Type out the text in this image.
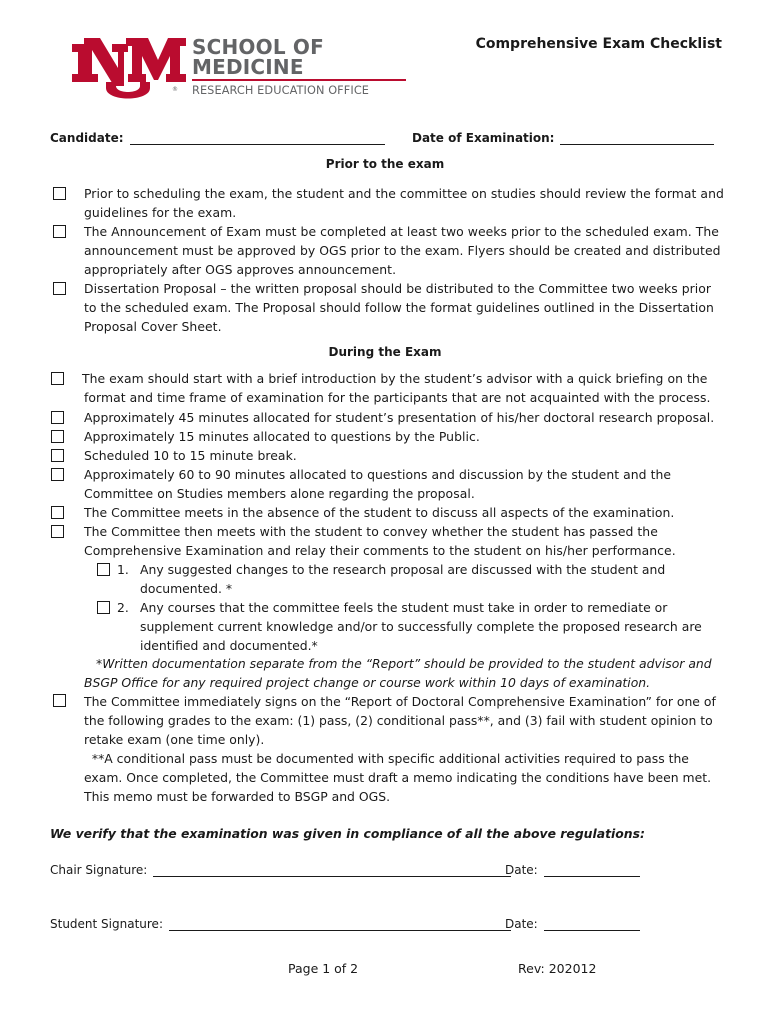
®
SCHOOL OF
MEDICINE
RESEARCH EDUCATION OFFICE
Comprehensive Exam Checklist
Candidate:	Date of Examination:
Prior to the exam
Prior to scheduling the exam, the student and the committee on studies should review the format and
guidelines for the exam.
The Announcement of Exam must be completed at least two weeks prior to the scheduled exam. The
announcement must be approved by OGS prior to the exam. Flyers should be created and distributed
appropriately after OGS approves announcement.
Dissertation Proposal – the written proposal should be distributed to the Committee two weeks prior
to the scheduled exam. The Proposal should follow the format guidelines outlined in the Dissertation
Proposal Cover Sheet.
During the Exam
The exam should start with a brief introduction by the student’s advisor with a quick briefing on the
format and time frame of examination for the participants that are not acquainted with the process.
Approximately 45 minutes allocated for student’s presentation of his/her doctoral research proposal.
Approximately 15 minutes allocated to questions by the Public.
Scheduled 10 to 15 minute break.
Approximately 60 to 90 minutes allocated to questions and discussion by the student and the
Committee on Studies members alone regarding the proposal.
The Committee meets in the absence of the student to discuss all aspects of the examination.
The Committee then meets with the student to convey whether the student has passed the
Comprehensive Examination and relay their comments to the student on his/her performance.
1. Any suggested changes to the research proposal are discussed with the student and
documented. *
2. Any courses that the committee feels the student must take in order to remediate or
supplement current knowledge and/or to successfully complete the proposed research are
identified and documented.*
*Written documentation separate from the “Report” should be provided to the student advisor and
BSGP Office for any required project change or course work within 10 days of examination.
The Committee immediately signs on the “Report of Doctoral Comprehensive Examination” for one of
the following grades to the exam: (1) pass, (2) conditional pass**, and (3) fail with student opinion to
retake exam (one time only).
**A conditional pass must be documented with specific additional activities required to pass the
exam. Once completed, the Committee must draft a memo indicating the conditions have been met.
This memo must be forwarded to BSGP and OGS.
We verify that the examination was given in compliance of all the above regulations:
Chair Signature:	Date:
Student Signature:	Date:
Page 1 of 2	Rev: 202012
